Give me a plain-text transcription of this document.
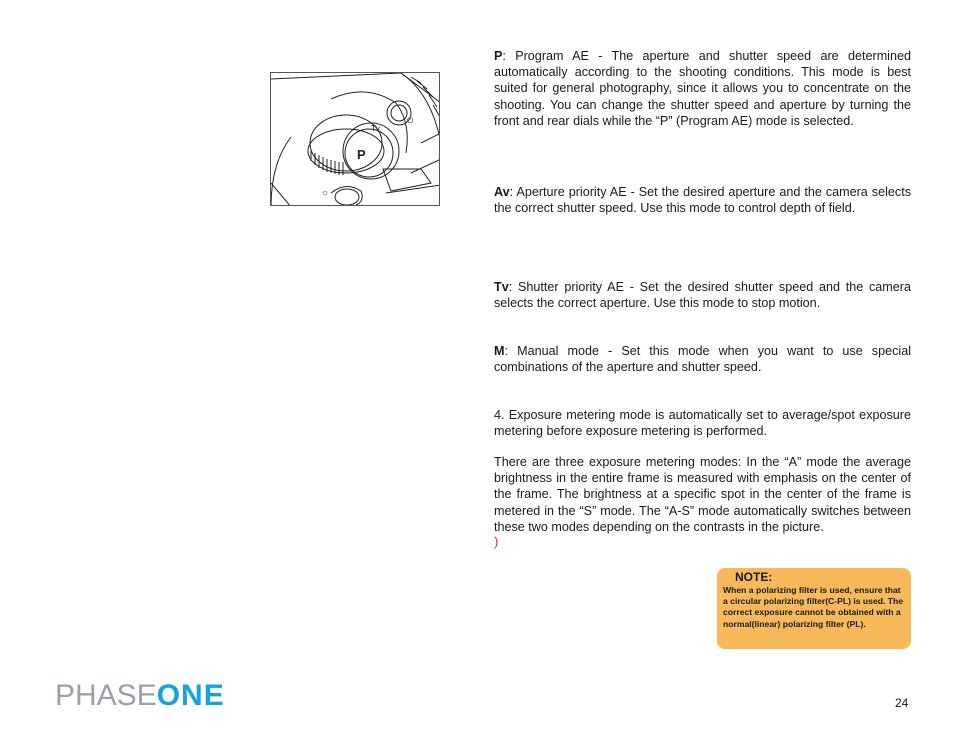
Tv
P
⏻
☼

P: Program AE - The aperture and shutter speed are determined automatically according to the shooting conditions. This mode is best suited for general photography, since it allows you to concentrate on the shooting. You can change the shutter speed and aperture by turning the front and rear dials while the “P” (Program AE) mode is selected.

Av: Aperture priority AE - Set the desired aperture and the camera selects the correct shutter speed. Use this mode to control depth of field.

Tv: Shutter priority AE - Set the desired shutter speed and the camera selects the correct aperture. Use this mode to stop motion.

M: Manual mode - Set this mode when you want to use special combinations of the aperture and shutter speed.

4. Exposure metering mode is automatically set to average/spot exposure metering before exposure metering is performed.

There are three exposure metering modes: In the “A” mode the average brightness in the entire frame is measured with emphasis on the center of the frame. The brightness at a specific spot in the center of the frame is metered in the “S” mode. The “A-S” mode automatically switches between these two modes depending on the contrasts in the picture.

)
NOTE:
When a polarizing filter is used, ensure that a circular polarizing filter(C-PL) is used. The correct exposure cannot be obtained with a normal(linear) polarizing filter (PL).
PHASE ONE	24
